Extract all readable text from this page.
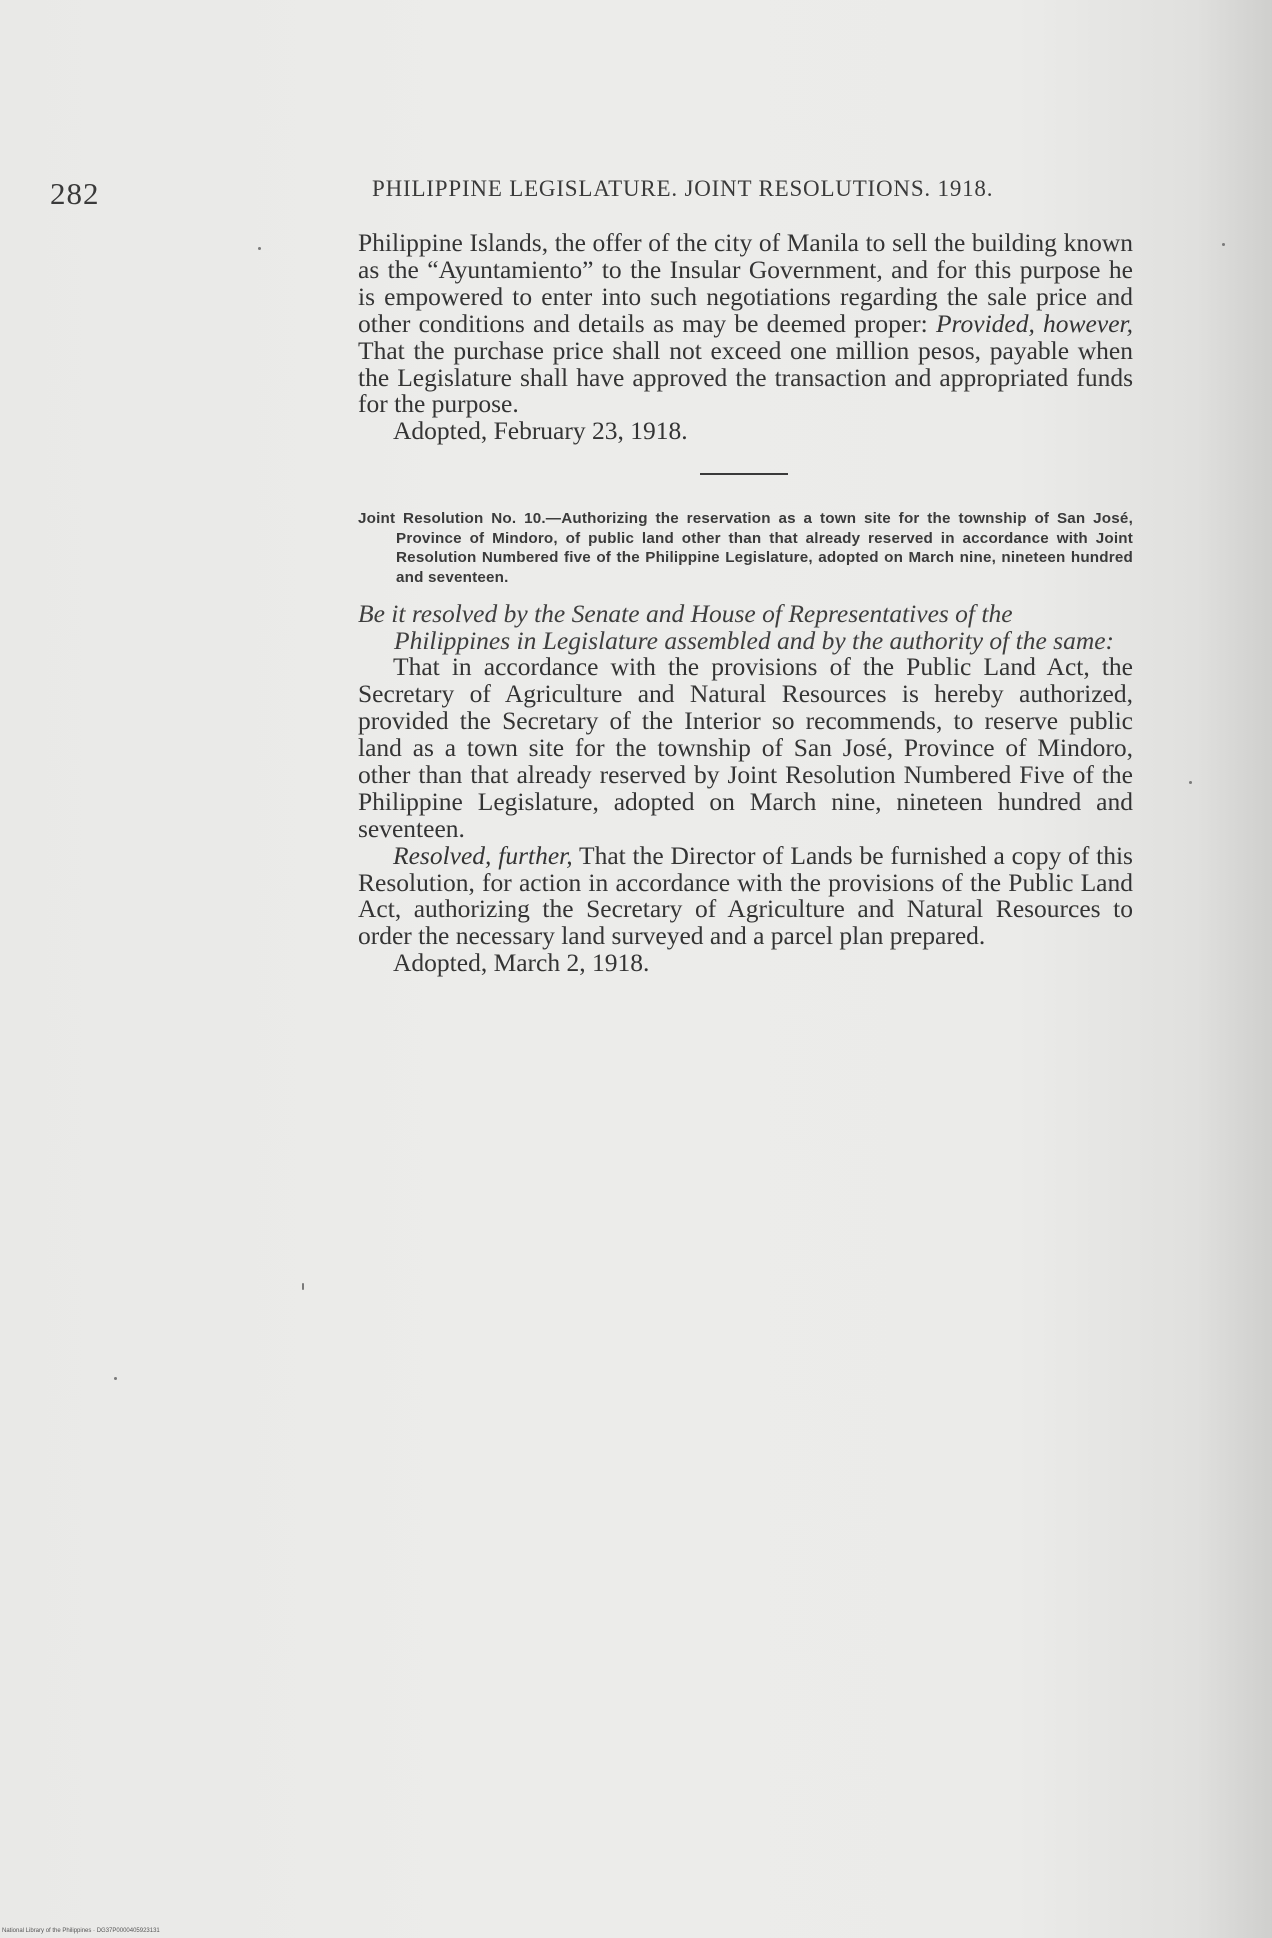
282	PHILIPPINE LEGISLATURE. JOINT RESOLUTIONS. 1918.

Philippine Islands, the offer of the city of Manila to sell the building known as the “Ayuntamiento” to the Insular Government, and for this purpose he is empowered to enter into such negotiations regarding the sale price and other conditions and details as may be deemed proper: Provided, however, That the purchase price shall not exceed one million pesos, payable when the Legislature shall have approved the transaction and appropriated funds for the purpose.

Adopted, February 23, 1918.

Joint Resolution No. 10.—Authorizing the reservation as a town site for the township of San José, Province of Mindoro, of public land other than that already reserved in accordance with Joint Resolution Numbered five of the Philippine Legislature, adopted on March nine, nineteen hundred and seventeen.
Be it resolved by the Senate and House of Representatives of the Philippines in Legislature assembled and by the authority of the same:

That in accordance with the provisions of the Public Land Act, the Secretary of Agriculture and Natural Resources is hereby authorized, provided the Secretary of the Interior so recommends, to reserve public land as a town site for the township of San José, Province of Mindoro, other than that already reserved by Joint Resolution Numbered Five of the Philippine Legislature, adopted on March nine, nineteen hundred and seventeen.

Resolved, further, That the Director of Lands be furnished a copy of this Resolution, for action in accordance with the provisions of the Public Land Act, authorizing the Secretary of Agriculture and Natural Resources to order the necessary land surveyed and a parcel plan prepared.

Adopted, March 2, 1918.

National Library of the Philippines · DG37P0000405923131
